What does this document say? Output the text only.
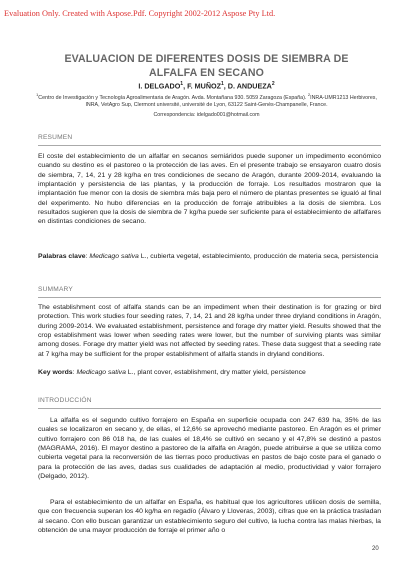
Evaluation Only. Created with Aspose.Pdf. Copyright 2002-2012 Aspose Pty Ltd.
EVALUACION DE DIFERENTES DOSIS DE SIEMBRA DE ALFALFA EN SECANO
I. DELGADO$^1$, F. MUÑOZ$^1$, D. ANDUEZA$^2$
$^1$Centro de Investigación y Tecnología Agroalimentaria de Aragón. Avda. Montañana 930. 5059 Zaragoza (España). $^2$INRA-UMR1213 Herbivores, INRA, VetAgro Sup, Clermont université, université de Lyon, 63122 Saint-Genès-Champanelle, France.
Correspondencia: idelgado001@hotmail.com
RESUMEN
El coste del establecimiento de un alfalfar en secanos semiáridos puede suponer un impedimento económico cuando su destino es el pastoreo o la protección de las aves. En el presente trabajo se ensayaron cuatro dosis de siembra, 7, 14, 21 y 28 kg/ha en tres condiciones de secano de Aragón, durante 2009-2014, evaluando la implantación y persistencia de las plantas, y la producción de forraje. Los resultados mostraron que la implantación fue menor con la dosis de siembra más baja pero el número de plantas presentes se igualó al final del experimento. No hubo diferencias en la producción de forraje atribuibles a la dosis de siembra. Los resultados sugieren que la dosis de siembra de 7 kg/ha puede ser suficiente para el establecimiento de alfalfares en distintas condiciones de secano.
Palabras clave: Medicago sativa L., cubierta vegetal, establecimiento, producción de materia seca, persistencia
SUMMARY
The establishment cost of alfalfa stands can be an impediment when their destination is for grazing or bird protection. This work studies four seeding rates, 7, 14, 21 and 28 kg/ha under three dryland conditions in Aragón, during 2009-2014. We evaluated establishment, persistence and forage dry matter yield. Results showed that the crop establishment was lower when seeding rates were lower, but the number of surviving plants was similar among doses. Forage dry matter yield was not affected by seeding rates. These data suggest that a seeding rate at 7 kg/ha may be sufficient for the proper establishment of alfalfa stands in dryland conditions.
Key words: Medicago sativa L., plant cover, establishment, dry matter yield, persistence
INTRODUCCIÓN
La alfalfa es el segundo cultivo forrajero en España en superficie ocupada con 247 639 ha, 35% de las cuales se localizaron en secano y, de ellas, el 12,6% se aprovechó mediante pastoreo. En Aragón es el primer cultivo forrajero con 86 018 ha, de las cuales el 18,4% se cultivó en secano y el 47,8% se destinó a pastos (MAGRAMA, 2016). El mayor destino a pastoreo de la alfalfa en Aragón, puede atribuirse a que se utiliza como cubierta vegetal para la reconversión de las tierras poco productivas en pastos de bajo coste para el ganado o para la protección de las aves, dadas sus cualidades de adaptación al medio, productividad y valor forrajero (Delgado, 2012).
Para el establecimiento de un alfalfar en España, es habitual que los agricultores utilicen dosis de semilla, que con frecuencia superan los 40 kg/ha en regadío (Álvaro y Lloveras, 2003), cifras que en la práctica trasladan al secano. Con ello buscan garantizar un establecimiento seguro del cultivo, la lucha contra las malas hierbas, la obtención de una mayor producción de forraje el primer año o
20
